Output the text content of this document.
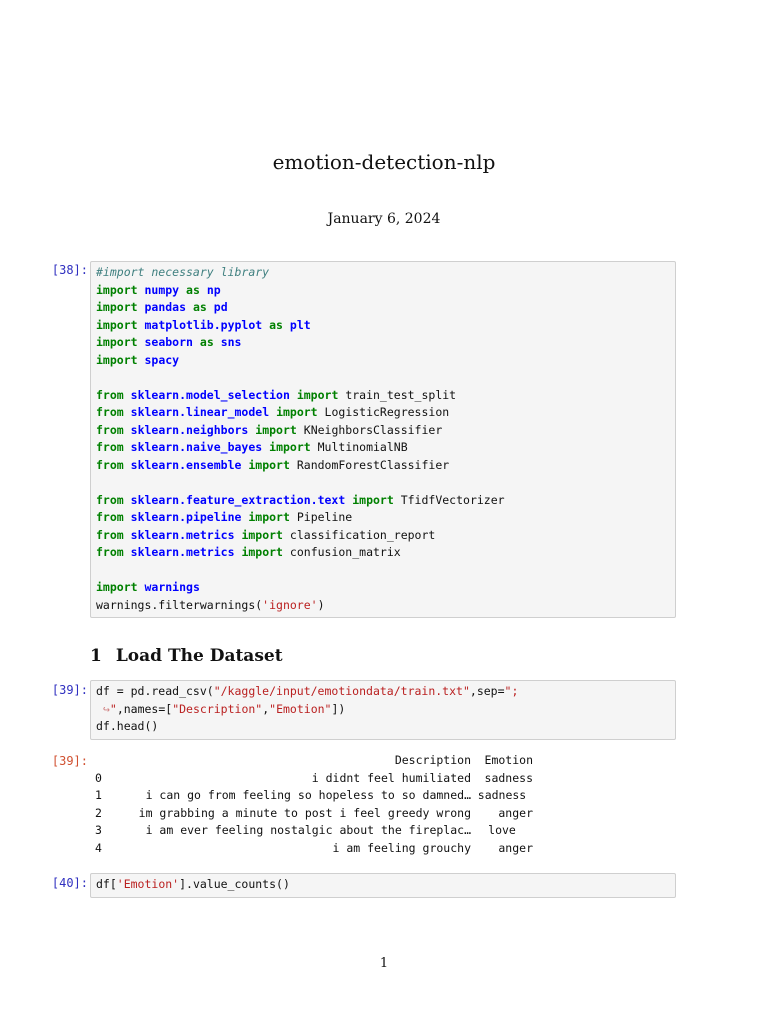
emotion-detection-nlp
January 6, 2024
[38]: #import necessary library
import numpy as np
import pandas as pd
import matplotlib.pyplot as plt
import seaborn as sns
import spacy
from sklearn.model_selection import train_test_split
from sklearn.linear_model import LogisticRegression
from sklearn.neighbors import KNeighborsClassifier
from sklearn.naive_bayes import MultinomialNB
from sklearn.ensemble import RandomForestClassifier
from sklearn.feature_extraction.text import TfidfVectorizer
from sklearn.pipeline import Pipeline
from sklearn.metrics import classification_report
from sklearn.metrics import confusion_matrix
import warnings
warnings.filterwarnings('ignore')
1 Load The Dataset
[39]: df = pd.read_csv("/kaggle/input/emotiondata/train.txt",sep=";
↪",names=["Description","Emotion"])
df.head()
[39]:
		Description	Emotion
0	i didnt feel humiliated	sadness
1	i can go from feeling so hopeless to so damned…	sadness
2	im grabbing a minute to post i feel greedy wrong	anger
3	i am ever feeling nostalgic about the fireplac…	love
4	i am feeling grouchy	anger
[40]: df['Emotion'].value_counts()
1
